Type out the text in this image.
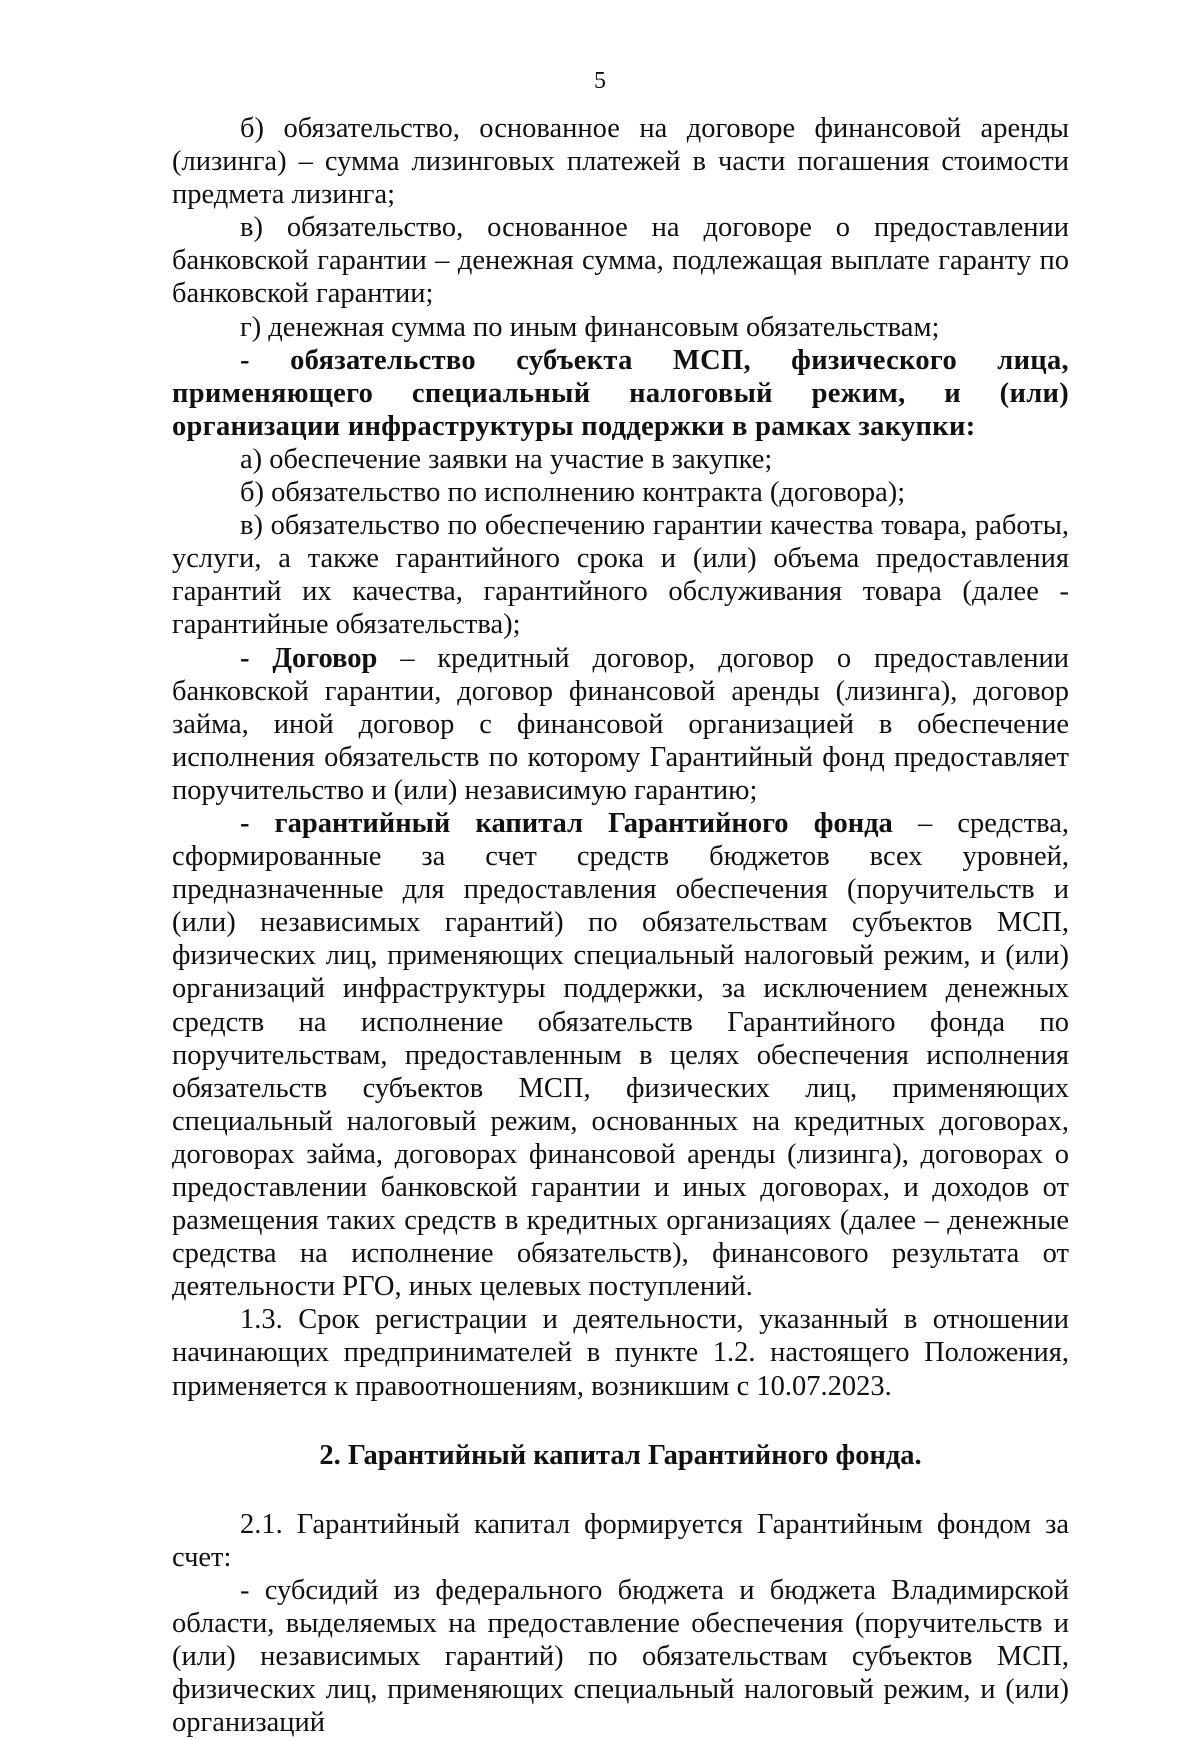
5

б) обязательство, основанное на договоре финансовой аренды (лизинга) – сумма лизинговых платежей в части погашения стоимости предмета лизинга;

в) обязательство, основанное на договоре о предоставлении банковской гарантии – денежная сумма, подлежащая выплате гаранту по банковской гарантии;

г) денежная сумма по иным финансовым обязательствам;

- обязательство субъекта МСП, физического лица, применяющего специальный налоговый режим, и (или) организации инфраструктуры поддержки в рамках закупки:

а) обеспечение заявки на участие в закупке;

б) обязательство по исполнению контракта (договора);

в) обязательство по обеспечению гарантии качества товара, работы, услуги, а также гарантийного срока и (или) объема предоставления гарантий их качества, гарантийного обслуживания товара (далее - гарантийные обязательства);

- Договор – кредитный договор, договор о предоставлении банковской гарантии, договор финансовой аренды (лизинга), договор займа, иной договор с финансовой организацией в обеспечение исполнения обязательств по которому Гарантийный фонд предоставляет поручительство и (или) независимую гарантию;

- гарантийный капитал Гарантийного фонда – средства, сформированные за счет средств бюджетов всех уровней, предназначенные для предоставления обеспечения (поручительств и (или) независимых гарантий) по обязательствам субъектов МСП, физических лиц, применяющих специальный налоговый режим, и (или) организаций инфраструктуры поддержки, за исключением денежных средств на исполнение обязательств Гарантийного фонда по поручительствам, предоставленным в целях обеспечения исполнения обязательств субъектов МСП, физических лиц, применяющих специальный налоговый режим, основанных на кредитных договорах, договорах займа, договорах финансовой аренды (лизинга), договорах о предоставлении банковской гарантии и иных договорах, и доходов от размещения таких средств в кредитных организациях (далее – денежные средства на исполнение обязательств), финансового результата от деятельности РГО, иных целевых поступлений.

1.3. Срок регистрации и деятельности, указанный в отношении начинающих предпринимателей в пункте 1.2. настоящего Положения, применяется к правоотношениям, возникшим с 10.07.2023.

2. Гарантийный капитал Гарантийного фонда.

2.1. Гарантийный капитал формируется Гарантийным фондом за счет:

- субсидий из федерального бюджета и бюджета Владимирской области, выделяемых на предоставление обеспечения (поручительств и (или) независимых гарантий) по обязательствам субъектов МСП, физических лиц, применяющих специальный налоговый режим, и (или) организаций
